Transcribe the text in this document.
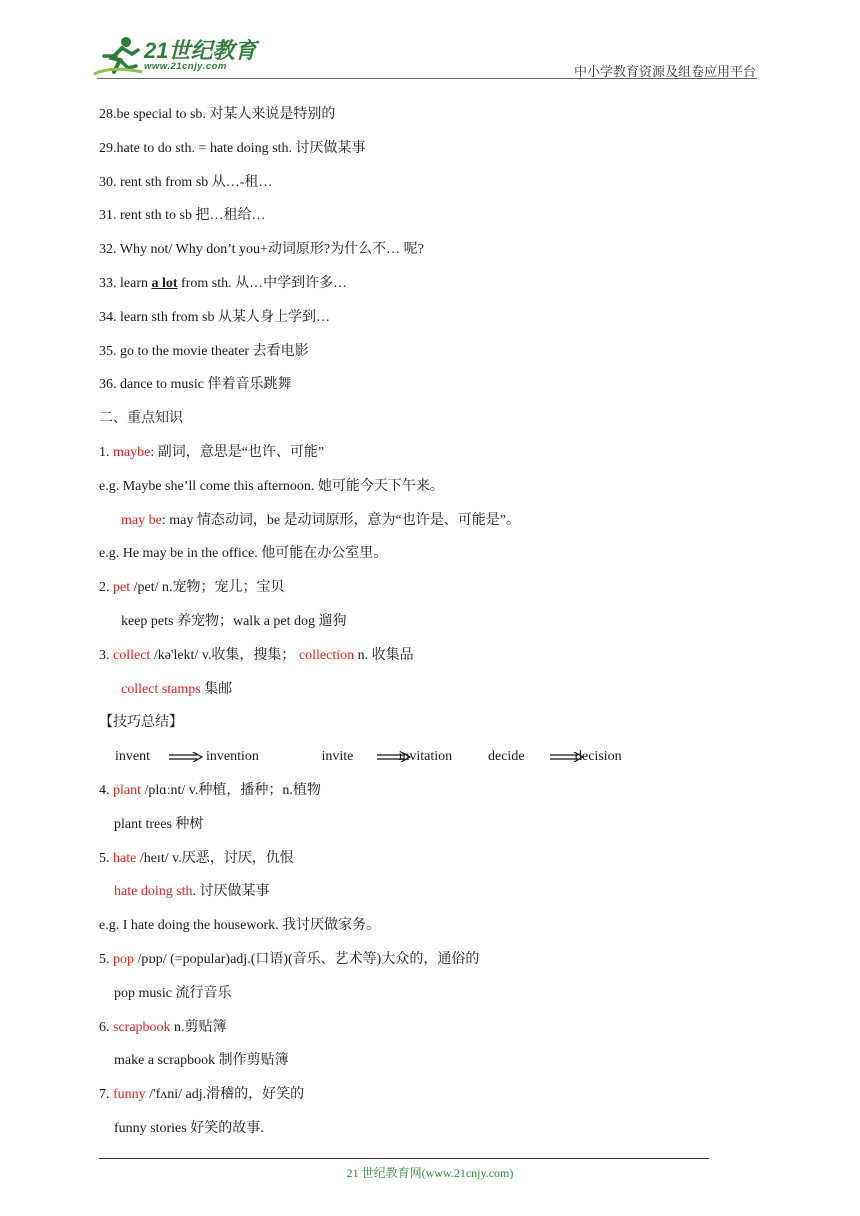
21世纪教育
www.21cnjy.com	中小学教育资源及组卷应用平台
28.be special to sb. 对某人来说是特别的
29.hate to do sth. = hate doing sth. 讨厌做某事
30. rent sth from sb 从…-租…
31. rent sth to sb 把…租给…
32. Why not/ Why don’t you+动词原形?为什么不… 呢?
33. learn a lot from sth. 从…中学到许多…
34. learn sth from sb 从某人身上学到…
35. go to the movie theater 去看电影
36. dance to music 伴着音乐跳舞
二、重点知识
1. maybe: 副词，意思是“也许、可能”
e.g. Maybe she’ll come this afternoon. 她可能今天下午来。
may be: may 情态动词，be 是动词原形，意为“也许是、可能是”。
e.g. He may be in the office. 他可能在办公室里。
2. pet /pet/ n.宠物；宠儿；宝贝
keep pets 养宠物；walk a pet dog 遛狗
3. collect /kə'lekt/ v.收集，搜集； collection n. 收集品
collect stamps 集邮
【技巧总结】
invent	invention	invite	invitation	decide	decision
4. plant /plɑːnt/ v.种植，播种；n.植物
plant trees 种树
5. hate /heɪt/ v.厌恶，讨厌，仇恨
hate doing sth. 讨厌做某事
e.g. I hate doing the housework. 我讨厌做家务。
5. pop /pɒp/ (=popular)adj.(口语)(音乐、艺术等)大众的，通俗的
pop music 流行音乐
6. scrapbook n.剪贴簿
make a scrapbook 制作剪贴簿
7. funny /'fʌni/ adj.滑稽的，好笑的
funny stories 好笑的故事.
21 世纪教育网(www.21cnjy.com)
